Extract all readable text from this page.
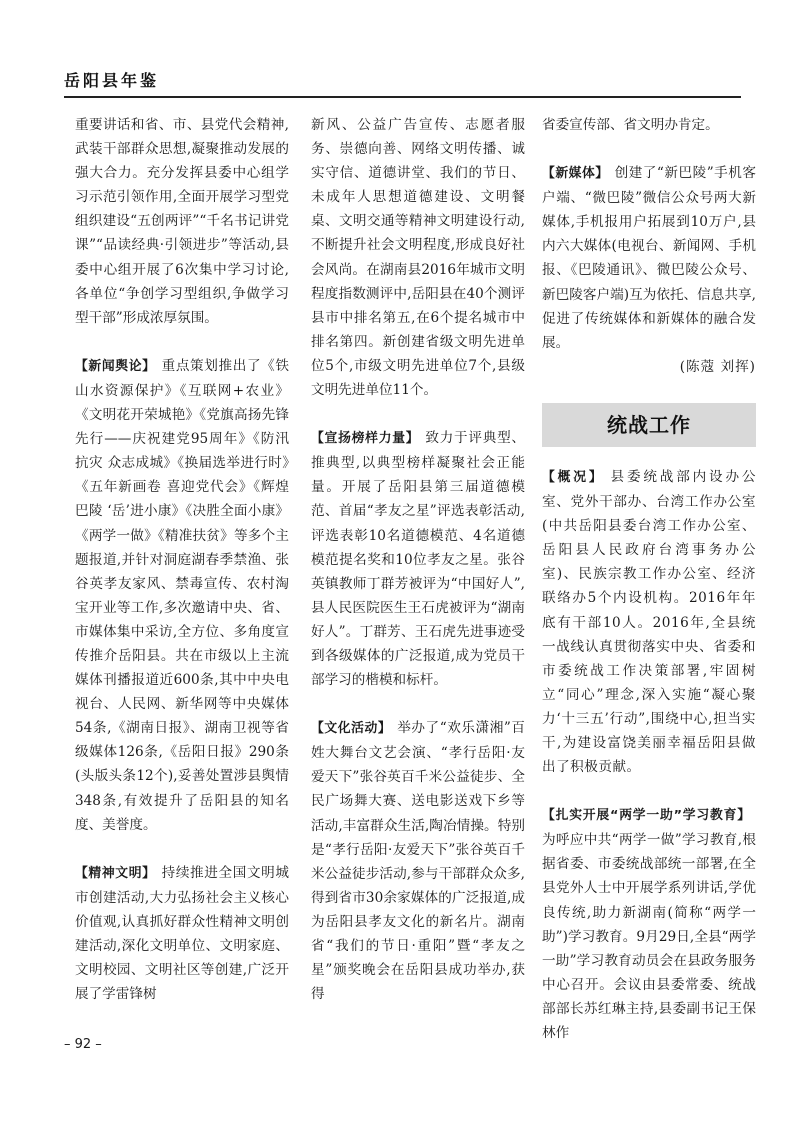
岳阳县年鉴

重要讲话和省、市、县党代会精神,武装干部群众思想,凝聚推动发展的强大合力。充分发挥县委中心组学习示范引领作用,全面开展学习型党组织建设“五创两评”“千名书记讲党课”“品读经典·引领进步”等活动,县委中心组开展了6次集中学习讨论,各单位“争创学习型组织,争做学习型干部”形成浓厚氛围。

【新闻舆论】 重点策划推出了《铁山水资源保护》《互联网+农业》《文明花开荣城艳》《党旗高扬先锋先行——庆祝建党95周年》《防汛抗灾 众志成城》《换届选举进行时》《五年新画卷 喜迎党代会》《辉煌巴陵 ‘岳’进小康》《决胜全面小康》《两学一做》《精准扶贫》等多个主题报道,并针对洞庭湖春季禁渔、张谷英孝友家风、禁毒宣传、农村淘宝开业等工作,多次邀请中央、省、市媒体集中采访,全方位、多角度宣传推介岳阳县。共在市级以上主流媒体刊播报道近600条,其中中央电视台、人民网、新华网等中央媒体54条,《湖南日报》、湖南卫视等省级媒体126条,《岳阳日报》290条(头版头条12个),妥善处置涉县舆情348条,有效提升了岳阳县的知名度、美誉度。

【精神文明】 持续推进全国文明城市创建活动,大力弘扬社会主义核心价值观,认真抓好群众性精神文明创建活动,深化文明单位、文明家庭、文明校园、文明社区等创建,广泛开展了学雷锋树

新风、公益广告宣传、志愿者服务、崇德向善、网络文明传播、诚实守信、道德讲堂、我们的节日、未成年人思想道德建设、文明餐桌、文明交通等精神文明建设行动,不断提升社会文明程度,形成良好社会风尚。在湖南县2016年城市文明程度指数测评中,岳阳县在40个测评县市中排名第五,在6个提名城市中排名第四。新创建省级文明先进单位5个,市级文明先进单位7个,县级文明先进单位11个。

【宣扬榜样力量】 致力于评典型、推典型,以典型榜样凝聚社会正能量。开展了岳阳县第三届道德模范、首届“孝友之星”评选表彰活动,评选表彰10名道德模范、4名道德模范提名奖和10位孝友之星。张谷英镇教师丁群芳被评为“中国好人”,县人民医院医生王石虎被评为“湖南好人”。丁群芳、王石虎先进事迹受到各级媒体的广泛报道,成为党员干部学习的楷模和标杆。

【文化活动】 举办了“欢乐潇湘”百姓大舞台文艺会演、“孝行岳阳·友爱天下”张谷英百千米公益徒步、全民广场舞大赛、送电影送戏下乡等活动,丰富群众生活,陶冶情操。特别是“孝行岳阳·友爱天下”张谷英百千米公益徒步活动,参与干部群众众多,得到省市30余家媒体的广泛报道,成为岳阳县孝友文化的新名片。湖南省“我们的节日·重阳”暨“孝友之星”颁奖晚会在岳阳县成功举办,获得

省委宣传部、省文明办肯定。

【新媒体】 创建了“新巴陵”手机客户端、“微巴陵”微信公众号两大新媒体,手机报用户拓展到10万户,县内六大媒体(电视台、新闻网、手机报、《巴陵通讯》、微巴陵公众号、新巴陵客户端)互为依托、信息共享,促进了传统媒体和新媒体的融合发展。

(陈蔻 刘挥)

统战工作

【概况】 县委统战部内设办公室、党外干部办、台湾工作办公室(中共岳阳县委台湾工作办公室、岳阳县人民政府台湾事务办公室)、民族宗教工作办公室、经济联络办5个内设机构。2016年年底有干部10人。2016年,全县统一战线认真贯彻落实中央、省委和市委统战工作决策部署,牢固树立“同心”理念,深入实施“凝心聚力‘十三五’行动”,围绕中心,担当实干,为建设富饶美丽幸福岳阳县做出了积极贡献。

【扎实开展“两学一助”学习教育】为呼应中共“两学一做”学习教育,根据省委、市委统战部统一部署,在全县党外人士中开展学系列讲话,学优良传统,助力新湖南(简称“两学一助”)学习教育。9月29日,全县“两学一助”学习教育动员会在县政务服务中心召开。会议由县委常委、统战部部长苏红琳主持,县委副书记王保林作

– 92 –
